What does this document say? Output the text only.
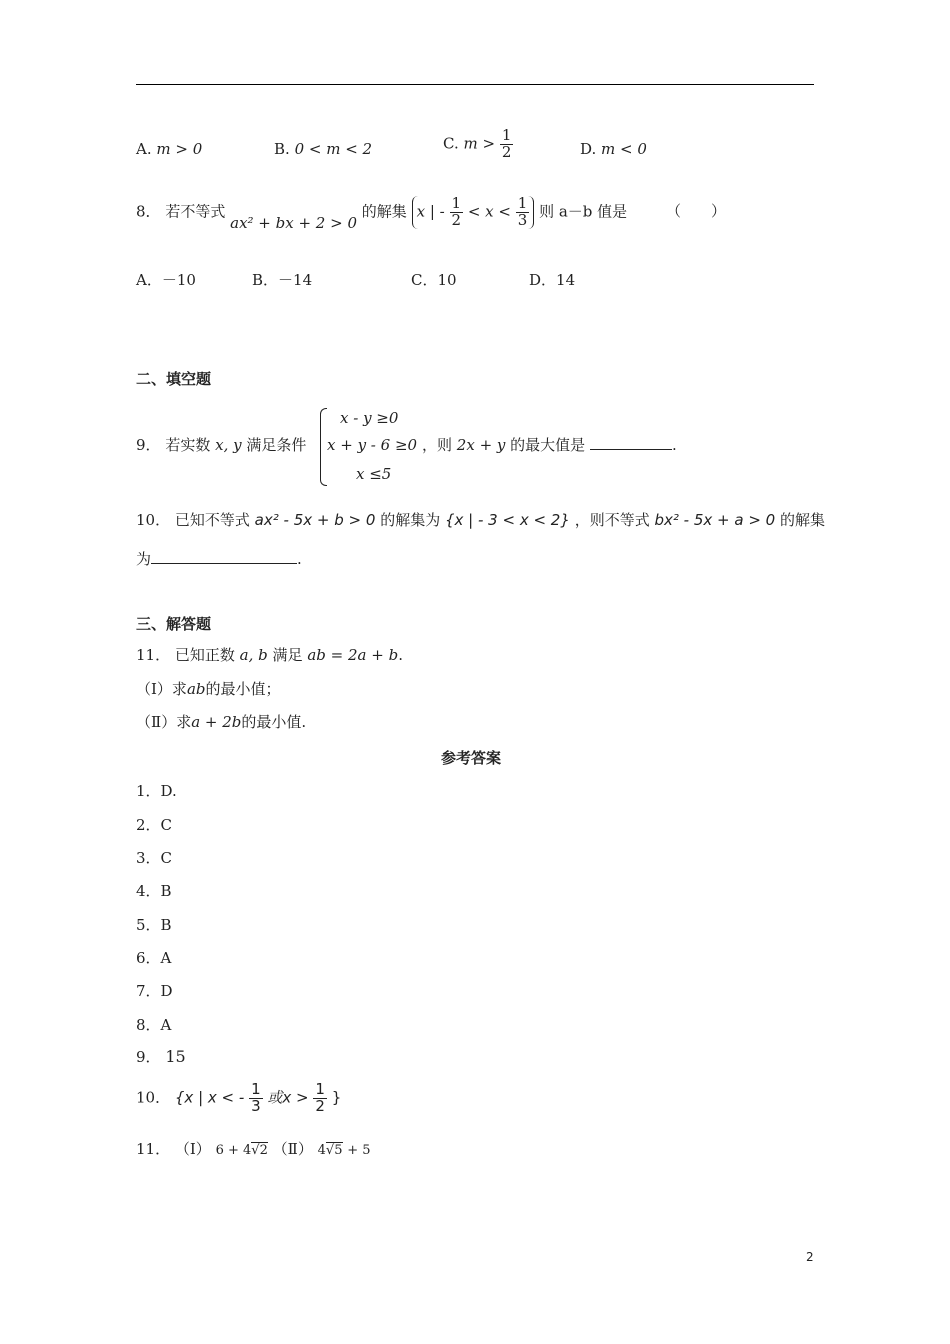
A. m > 0	B. 0 < m < 2	C. $m > \frac{1}{2}$	D. m < 0
8． 若不等式 ax² + bx + 2 > 0 的解集 x | - $\frac{1}{2} < x < \frac{1}{3}$ 则 a－b 值是	（　　）
A．－10	B．－14	C．10	D．14
二、填空题
9． 若实数 x, y 满足条件
x - y ≥0
x + y - 6 ≥0
x ≤5
，则 2x + y 的最大值是	.
10． 已知不等式 ax² - 5x + b > 0 的解集为 {x | - 3 < x < 2} ，则不等式 bx² - 5x + a > 0 的解集
为	.
三、解答题
11． 已知正数 a, b 满足 ab = 2a + b.
（Ⅰ）求ab的最小值；
（Ⅱ）求a + 2b的最小值.
参考答案
1．D.
2．C
3．C
4．B
5．B
6．A
7．D
8．A
9． 15
10． {x | x < - $\frac{1}{3}$ 或$x > \frac{1}{2}$ }
11． （Ⅰ） 6 + 4√2 （Ⅱ） 4√5 + 5
2
